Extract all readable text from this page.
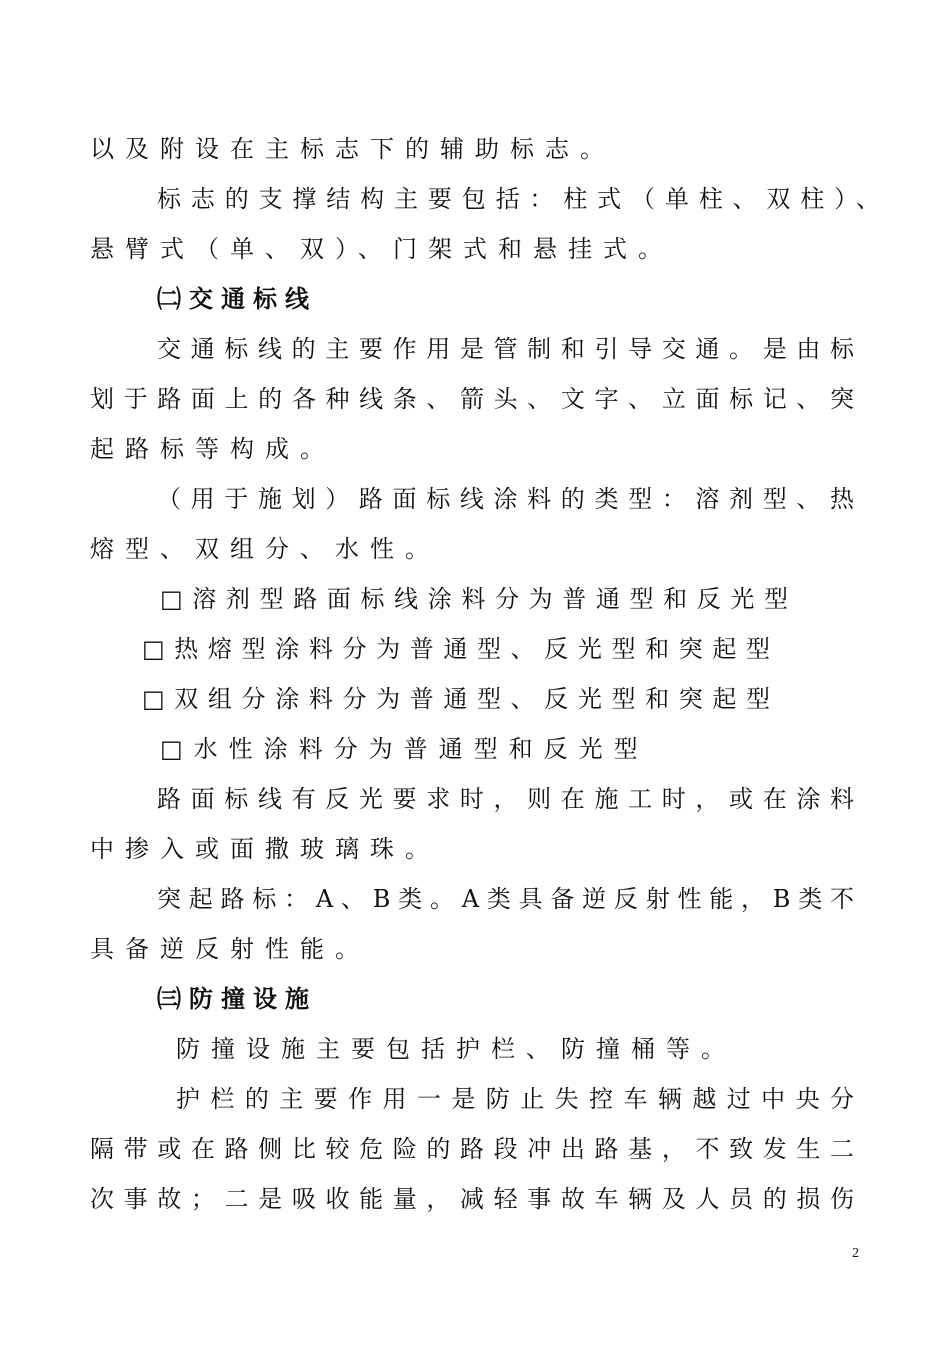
以及附设在主标志下的辅助标志。
标志的支撑结构主要包括：柱式（单柱、双柱）、
悬臂式（单、双）、门架式和悬挂式。
㈡交通标线
交通标线的主要作用是管制和引导交通。是由标
划于路面上的各种线条、箭头、文字、立面标记、突
起路标等构成。
（用于施划）路面标线涂料的类型：溶剂型、热
熔型、双组分、水性。
□溶剂型路面标线涂料分为普通型和反光型
□热熔型涂料分为普通型、反光型和突起型
□双组分涂料分为普通型、反光型和突起型
□水性涂料分为普通型和反光型
路面标线有反光要求时，则在施工时，或在涂料
中掺入或面撒玻璃珠。
突起路标：A、B类。A类具备逆反射性能，B类不
具备逆反射性能。
㈢防撞设施
防撞设施主要包括护栏、防撞桶等。
护栏的主要作用一是防止失控车辆越过中央分
隔带或在路侧比较危险的路段冲出路基，不致发生二
次事故；二是吸收能量，减轻事故车辆及人员的损伤
2
